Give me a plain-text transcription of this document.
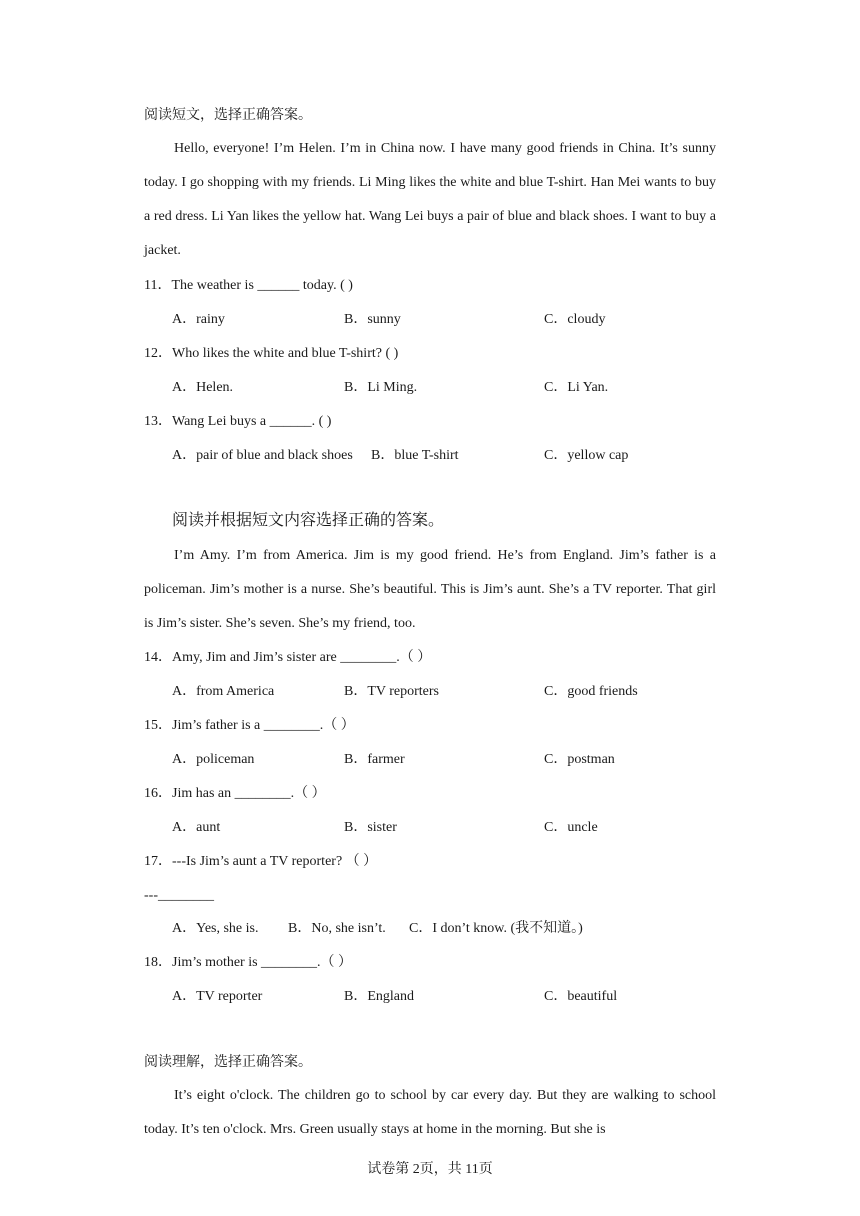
阅读短文，选择正确答案。
Hello, everyone! I’m Helen. I’m in China now. I have many good friends in China. It’s sunny today. I go shopping with my friends. Li Ming likes the white and blue T-shirt. Han Mei wants to buy a red dress. Li Yan likes the yellow hat. Wang Lei buys a pair of blue and black shoes. I want to buy a jacket.
11．The weather is ______ today. ( )
A．rainy	B．sunny	C．cloudy
12．Who likes the white and blue T-shirt? ( )
A．Helen.	B．Li Ming.	C．Li Yan.
13．Wang Lei buys a ______. ( )
A．pair of blue and black shoes B．blue T-shirt	C．yellow cap
阅读并根据短文内容选择正确的答案。
I’m Amy. I’m from America. Jim is my good friend. He’s from England. Jim’s father is a policeman. Jim’s mother is a nurse. She’s beautiful. This is Jim’s aunt. She’s a TV reporter. That girl is Jim’s sister. She’s seven. She’s my friend, too.
14．Amy, Jim and Jim’s sister are ________.（ ）
A．from America	B．TV reporters	C．good friends
15．Jim’s father is a ________.（ ）
A．policeman	B．farmer	C．postman
16．Jim has an ________.（ ）
A．aunt	B．sister	C．uncle
17．---Is Jim’s aunt a TV reporter? （ ）
---________
A．Yes, she is. B．No, she isn’t. C．I don’t know. (我不知道。)
18．Jim’s mother is ________.（ ）
A．TV reporter	B．England	C．beautiful
阅读理解，选择正确答案。
It’s eight o'clock. The children go to school by car every day. But they are walking to school today. It’s ten o'clock. Mrs. Green usually stays at home in the morning. But she is
试卷第 2页，共 11页
